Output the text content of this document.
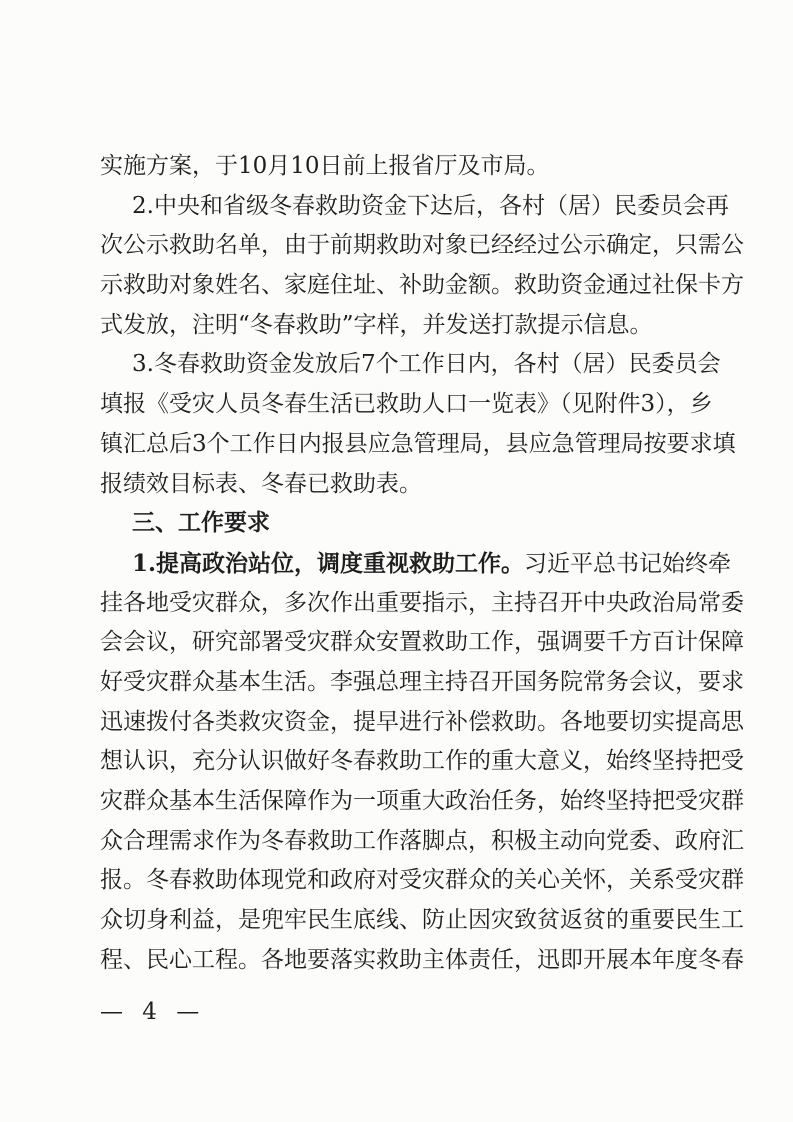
实施方案，于10月10日前上报省厅及市局。
2.中央和省级冬春救助资金下达后，各村（居）民委员会再
次公示救助名单，由于前期救助对象已经经过公示确定，只需公
示救助对象姓名、家庭住址、补助金额。救助资金通过社保卡方
式发放，注明“冬春救助”字样，并发送打款提示信息。
3.冬春救助资金发放后7个工作日内，各村（居）民委员会
填报《受灾人员冬春生活已救助人口一览表》（见附件3），乡
镇汇总后3个工作日内报县应急管理局，县应急管理局按要求填
报绩效目标表、冬春已救助表。
三、工作要求
1.提高政治站位，调度重视救助工作。习近平总书记始终牵
挂各地受灾群众，多次作出重要指示，主持召开中央政治局常委
会会议，研究部署受灾群众安置救助工作，强调要千方百计保障
好受灾群众基本生活。李强总理主持召开国务院常务会议，要求
迅速拨付各类救灾资金，提早进行补偿救助。各地要切实提高思
想认识，充分认识做好冬春救助工作的重大意义，始终坚持把受
灾群众基本生活保障作为一项重大政治任务，始终坚持把受灾群
众合理需求作为冬春救助工作落脚点，积极主动向党委、政府汇
报。冬春救助体现党和政府对受灾群众的关心关怀，关系受灾群
众切身利益，是兜牢民生底线、防止因灾致贫返贫的重要民生工
程、民心工程。各地要落实救助主体责任，迅即开展本年度冬春
— 4 —
